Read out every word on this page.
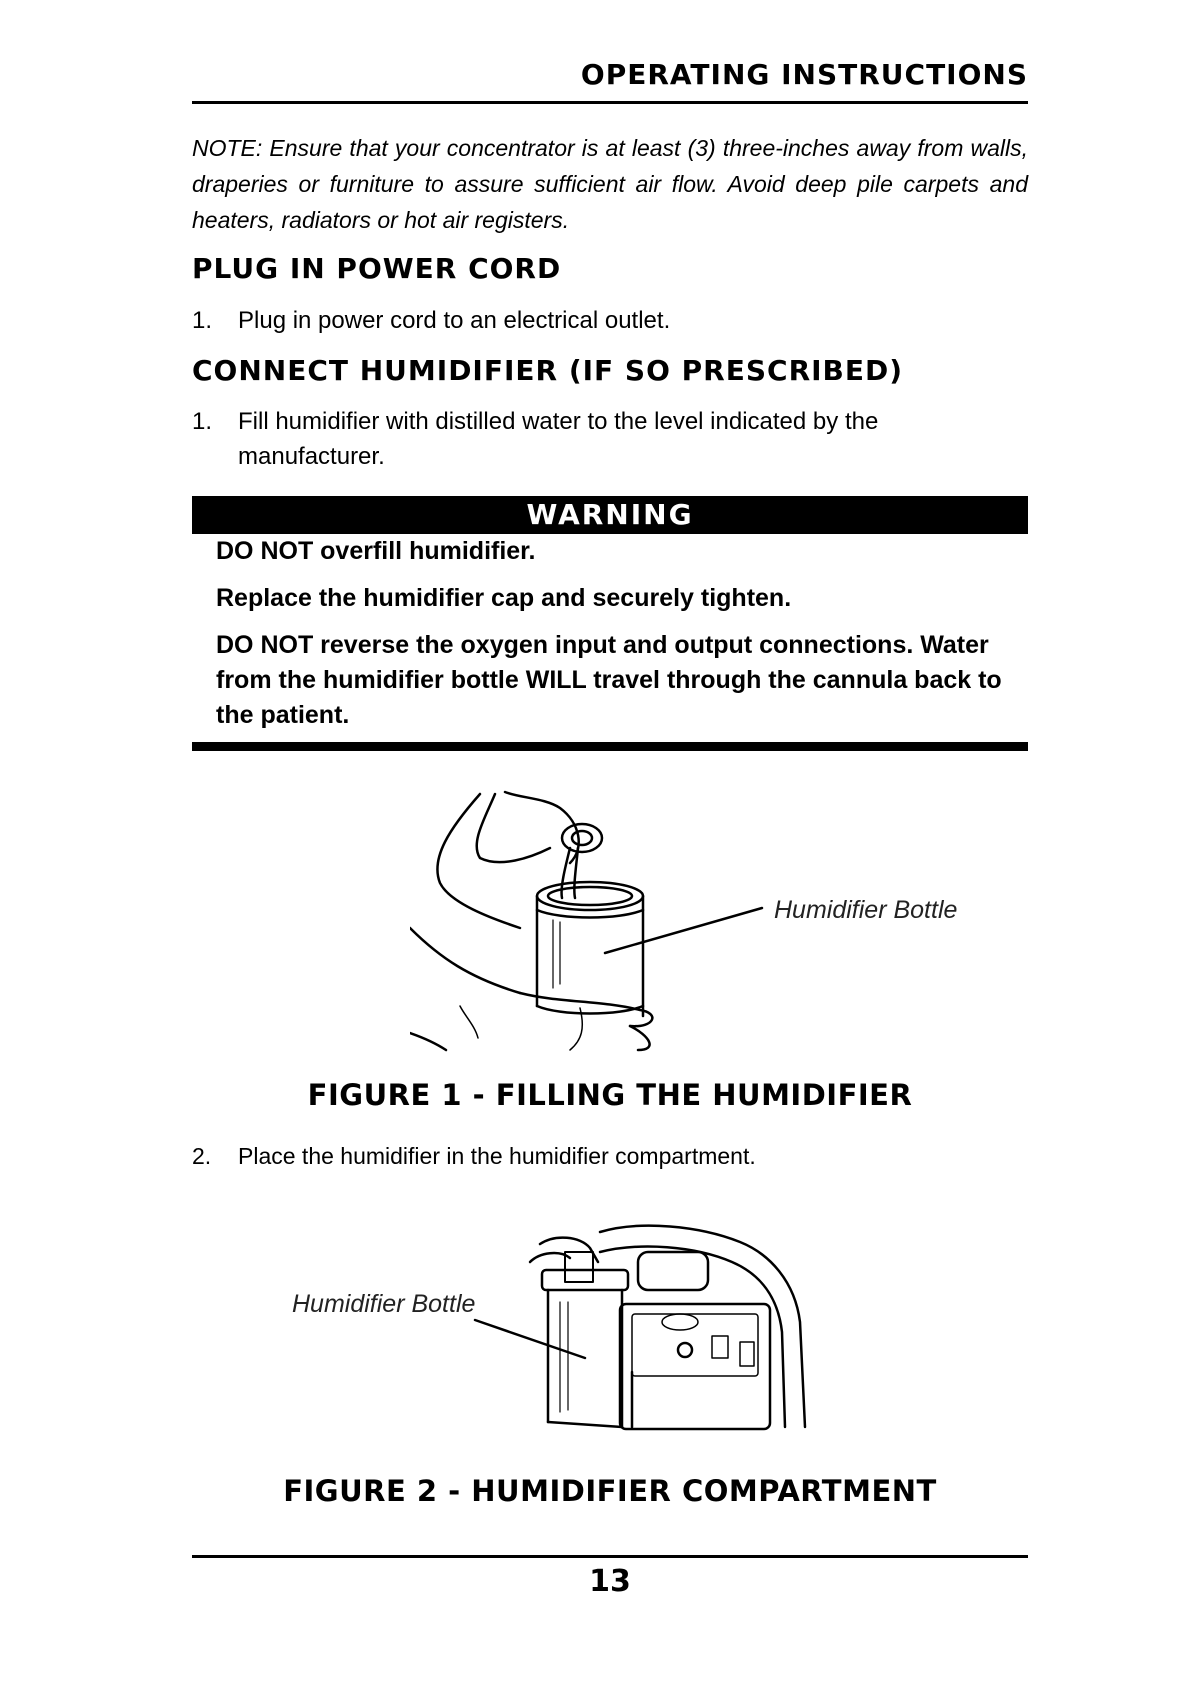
OPERATING INSTRUCTIONS
NOTE: Ensure that your concentrator is at least (3) three-inches away from walls, draperies or furniture to assure sufficient air flow. Avoid deep pile carpets and heaters, radiators or hot air registers.
PLUG IN POWER CORD
1. Plug in power cord to an electrical outlet.
CONNECT HUMIDIFIER (IF SO PRESCRIBED)
1. Fill humidifier with distilled water to the level indicated by the manufacturer.
WARNING

DO NOT overfill humidifier.

Replace the humidifier cap and securely tighten.

DO NOT reverse the oxygen input and output connections. Water from the humidifier bottle WILL travel through the cannula back to the patient.

Humidifier Bottle
FIGURE 1 - FILLING THE HUMIDIFIER
2. Place the humidifier in the humidifier compartment.
Humidifier Bottle
FIGURE 2 - HUMIDIFIER COMPARTMENT
13
